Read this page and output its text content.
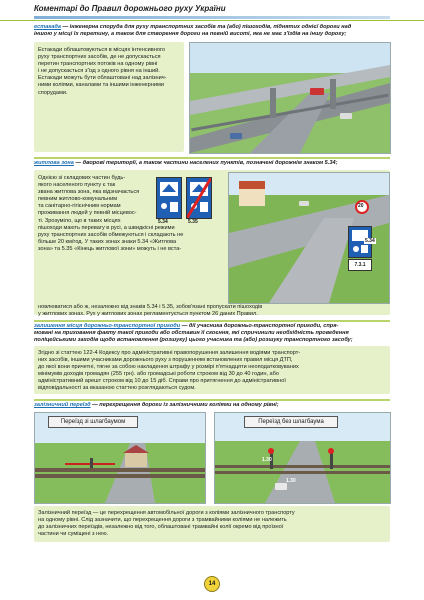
Коментарі до Правил дорожнього руху України
естакада — інженерна споруда для руху транспортних засобів та (або) пішоходів, піднятих однієї дороги над
іншою у місці їх перетину, а також для створення дороги на певній висоті, яка не має з'їздів на іншу дорогу;
Естакади облаштовуються в місцях інтенсивного
руху транспортних засобів, де не допускається
перетин транспортних потоків на одному рівні
і не допускається з'їзд з одного рівня на інший.
Естакади можуть бути облаштовані над залізнич-
ними коліями, каналами та іншими інженерними
спорудами.
житлова зона — дворові території, а також частини населених пунктів, позначені дорожнім знаком 5.34;
Однією зі складових частин будь-
якого населеного пункту є так
звана житлова зона, яка відзначається
певним житлово-комунальним
та санітарно-гігієнічним нормам
проживання людей у певній місцевос-
ті. Зрозуміло, що в таких місцях
пішоходи мають перевагу в русі, а швидкісні режими
руху транспортних засобів обмежуються і складають не
більше 20 км/год. У таких зонах знаки 5.34 «Житлова
зона» та 5.35 «Кінець житлової зони» можуть і не вста-
новлюватися або ж, незалежно від знаків 5.34 і 5.35, зобов'язані пропускати пішоходів
у житлових зонах. Рух у житлових зонах регламентується пунктом 26 даних Правил.
5.34	5.35
20
5.34
7.3.1
залишення місця дорожньо-транспортної пригоди — дії учасника дорожньо-транспортної пригоди, спря-
мовані на приховання факту такої пригоди або обставин її скоєння, які спричинили необхідність проведення
поліцейськими заходів щодо встановлення (розшуку) цього учасника та (або) розшуку транспортного засобу;
Згідно зі статтею 122-4 Кодексу про адміністративні правопорушення залишення водіями транспорт-
них засобів, іншими учасниками дорожнього руху з порушенням встановлених правил місця ДТП,
до якої вони причетні, тягне за собою накладення штрафу у розмірі п'ятнадцяти неоподатковуваних
мінімумів доходів громадян (255 грн). або громадські роботи строком від 30 до 40 годин, або
адміністративний арешт строком від 10 до 15 діб. Справи про притягнення до адміністративної
відповідальності за вказаною статтею розглядаються судом.
залізничний переїзд — перехрещення дороги із залізничними коліями на одному рівні;
Переїзд зі шлагбаумом	Переїзд без шлагбаума
1.30
1.30
Залізничний переїзд — це перехрещення автомобільної дороги з коліями залізничного транспорту
на одному рівні. Слід зазначити, що перехрещення дороги з трамвайними коліями не належить
до залізничних переїздів, незалежно від того, облаштовані трамвайні колії окремо від проїзної
частини чи суміщені з нею.
14
